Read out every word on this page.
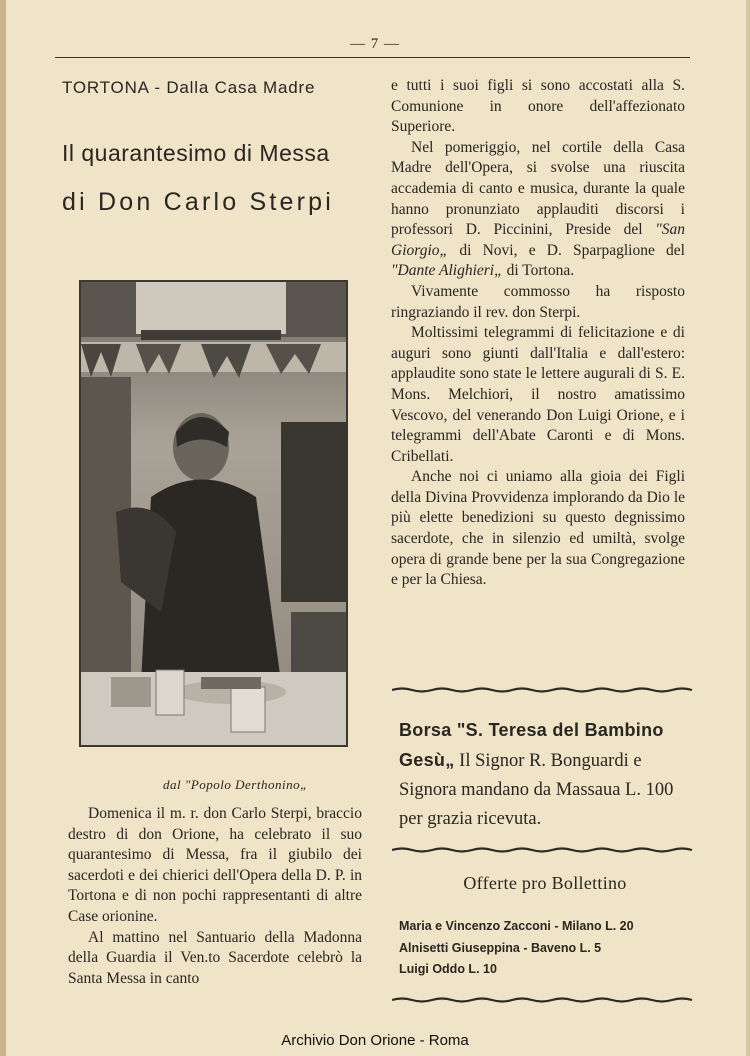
— 7 —
TORTONA - Dalla Casa Madre
Il quarantesimo di Messa
di Don Carlo Sterpi
dal "Popolo Derthonino„

Domenica il m. r. don Carlo Sterpi, braccio destro di don Orione, ha celebrato il suo quarantesimo di Messa, fra il giubilo dei sacerdoti e dei chierici dell'Opera della D. P. in Tortona e di non pochi rappresentanti di altre Case orionine.

Al mattino nel Santuario della Madonna della Guardia il Ven.to Sacerdote celebrò la Santa Messa in canto

e tutti i suoi figli si sono accostati alla S. Comunione in onore dell'affezionato Superiore.

Nel pomeriggio, nel cortile della Casa Madre dell'Opera, si svolse una riuscita accademia di canto e musica, durante la quale hanno pronunziato applauditi discorsi i professori D. Piccinini, Preside del "San Giorgio„ di Novi, e D. Sparpaglione del "Dante Alighieri„ di Tortona.

Vivamente commosso ha risposto ringraziando il rev. don Sterpi.

Moltissimi telegrammi di felicitazione e di auguri sono giunti dall'Italia e dall'estero: applaudite sono state le lettere augurali di S. E. Mons. Melchiori, il nostro amatissimo Vescovo, del venerando Don Luigi Orione, e i telegrammi dell'Abate Caronti e di Mons. Cribellati.

Anche noi ci uniamo alla gioia dei Figli della Divina Provvidenza implorando da Dio le più elette benedizioni su questo degnissimo sacerdote, che in silenzio ed umiltà, svolge opera di grande bene per la sua Congregazione e per la Chiesa.

Borsa "S. Teresa del Bambino Gesù„ Il Signor R. Bonguardi e Signora mandano da Massaua L. 100 per grazia ricevuta.
Offerte pro Bollettino
Maria e Vincenzo Zacconi - Milano L. 20
Alnisetti Giuseppina - Baveno L. 5
Luigi Oddo L. 10
Archivio Don Orione - Roma
